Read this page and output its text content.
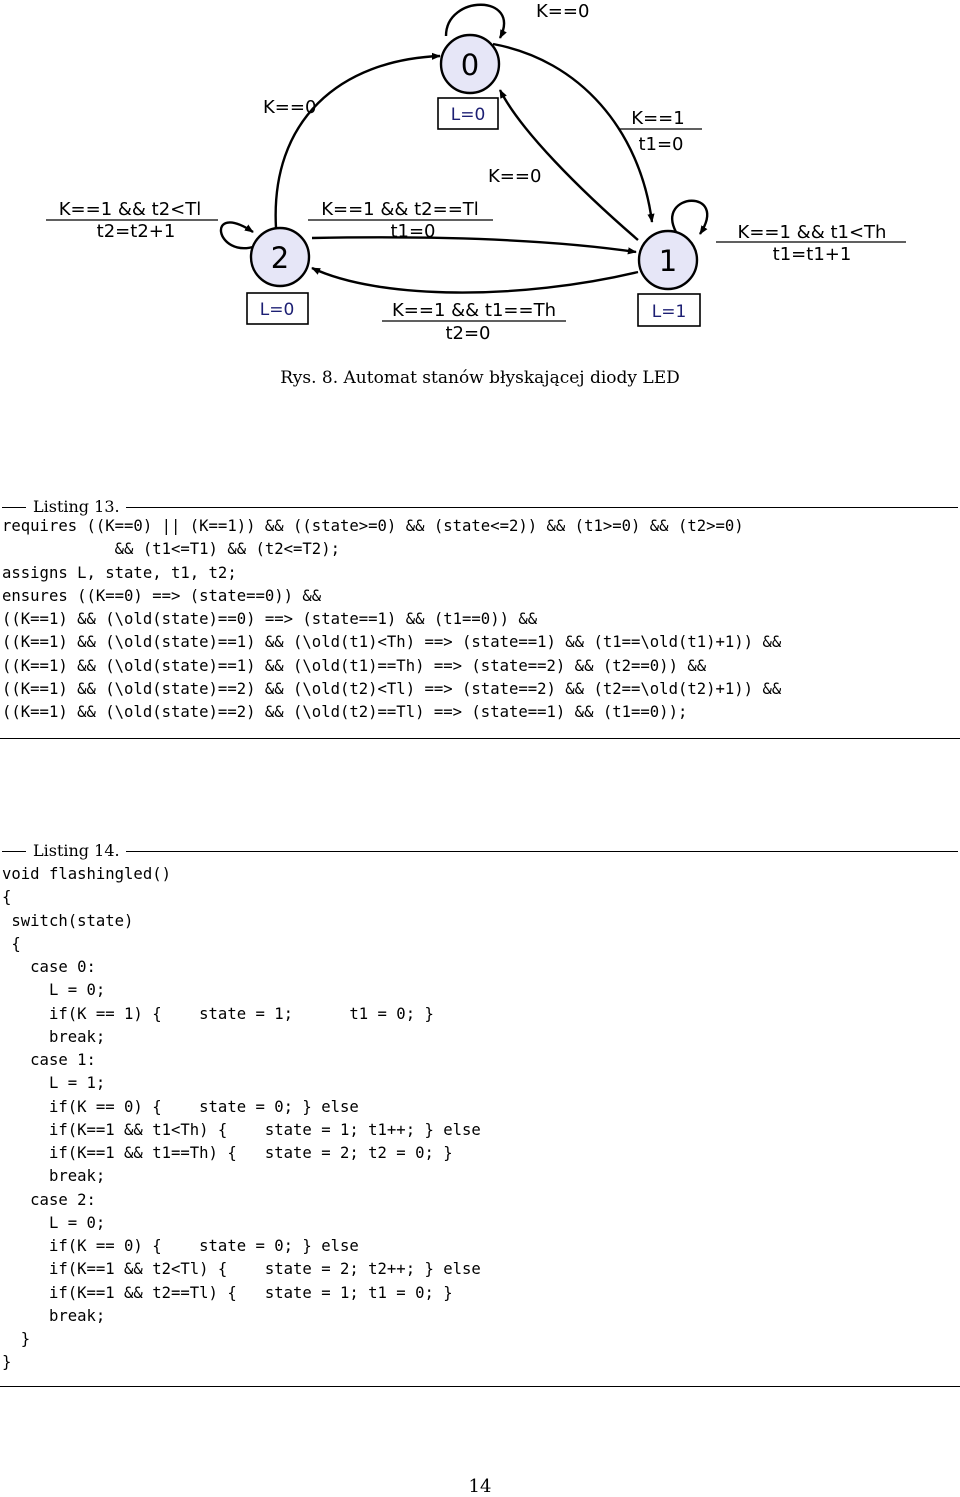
0
1
2
L=0
L=1
L=0
K==0
K==1
t1=0
K==0
K==1 && t1<Th
t1=t1+1
K==1 && t1==Th
t2=0
K==1 && t2==Tl
t1=0
K==1 && t2<Tl
t2=t2+1
K==0
Rys. 8. Automat stanów błyskającej diody LED
Listing 13.
requires ((K==0) || (K==1)) && ((state>=0) && (state<=2)) && (t1>=0) && (t2>=0)
&& (t1<=T1) && (t2<=T2);
assigns L, state, t1, t2;
ensures ((K==0) ==> (state==0)) &&
((K==1) && (\old(state)==0) ==> (state==1) && (t1==0)) &&
((K==1) && (\old(state)==1) && (\old(t1)<Th) ==> (state==1) && (t1==\old(t1)+1)) &&
((K==1) && (\old(state)==1) && (\old(t1)==Th) ==> (state==2) && (t2==0)) &&
((K==1) && (\old(state)==2) && (\old(t2)<Tl) ==> (state==2) && (t2==\old(t2)+1)) &&
((K==1) && (\old(state)==2) && (\old(t2)==Tl) ==> (state==1) && (t1==0));
Listing 14.
void flashingled()
{
switch(state)
{
case 0:
L = 0;
if(K == 1) {    state = 1;      t1 = 0; }
break;
case 1:
L = 1;
if(K == 0) {    state = 0; } else
if(K==1 && t1<Th) {    state = 1; t1++; } else
if(K==1 && t1==Th) {   state = 2; t2 = 0; }
break;
case 2:
L = 0;
if(K == 0) {    state = 0; } else
if(K==1 && t2<Tl) {    state = 2; t2++; } else
if(K==1 && t2==Tl) {   state = 1; t1 = 0; }
break;
}
}
14
